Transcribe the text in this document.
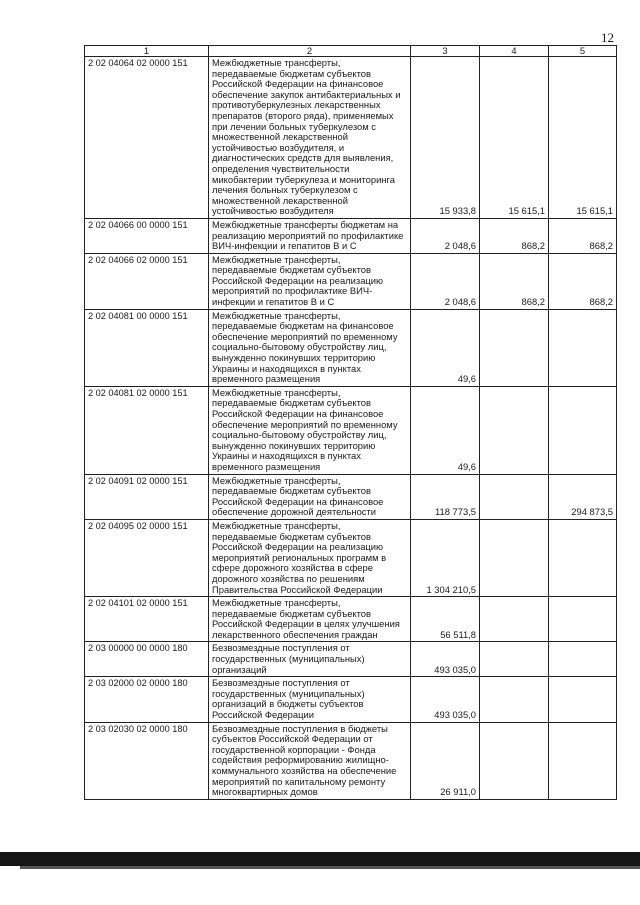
12
1	2	3	4	5
2 02 04064 02 0000 151	Межбюджетные трансферты, передаваемые бюджетам субъектов Российской Федерации на финансовое обеспечение закупок антибактериальных и противотуберкулезных лекарственных препаратов (второго ряда), применяемых при лечении больных туберкулезом с множественной лекарственной устойчивостью возбудителя, и диагностических средств для выявления, определения чувствительности микобактерии туберкулеза и мониторинга лечения больных туберкулезом с множественной лекарственной устойчивостью возбудителя	15 933,8	15 615,1	15 615,1
2 02 04066 00 0000 151	Межбюджетные трансферты бюджетам на реализацию мероприятий по профилактике ВИЧ-инфекции и гепатитов В и С	2 048,6	868,2	868,2
2 02 04066 02 0000 151	Межбюджетные трансферты, передаваемые бюджетам субъектов Российской Федерации на реализацию мероприятий по профилактике ВИЧ-инфекции и гепатитов В и С	2 048,6	868,2	868,2
2 02 04081 00 0000 151	Межбюджетные трансферты, передаваемые бюджетам на финансовое обеспечение мероприятий по временному социально-бытовому обустройству лиц, вынужденно покинувших территорию Украины и находящихся в пунктах временного размещения	49,6		
2 02 04081 02 0000 151	Межбюджетные трансферты, передаваемые бюджетам субъектов Российской Федерации на финансовое обеспечение мероприятий по временному социально-бытовому обустройству лиц, вынужденно покинувших территорию Украины и находящихся в пунктах временного размещения	49,6		
2 02 04091 02 0000 151	Межбюджетные трансферты, передаваемые бюджетам субъектов Российской Федерации на финансовое обеспечение дорожной деятельности	118 773,5		294 873,5
2 02 04095 02 0000 151	Межбюджетные трансферты, передаваемые бюджетам субъектов Российской Федерации на реализацию мероприятий региональных программ в сфере дорожного хозяйства в сфере дорожного хозяйства по решениям Правительства Российской Федерации	1 304 210,5		
2 02 04101 02 0000 151	Межбюджетные трансферты, передаваемые бюджетам субъектов Российской Федерации в целях улучшения лекарственного обеспечения граждан	56 511,8		
2 03 00000 00 0000 180	Безвозмездные поступления от государственных (муниципальных) организаций	493 035,0		
2 03 02000 02 0000 180	Безвозмездные поступления от государственных (муниципальных) организаций в бюджеты субъектов Российской Федерации	493 035,0		
2 03 02030 02 0000 180	Безвозмездные поступления в бюджеты субъектов Российской Федерации от государственной корпорации - Фонда содействия реформированию жилищно-коммунального хозяйства на обеспечение мероприятий по капитальному ремонту многоквартирных домов	26 911,0		
